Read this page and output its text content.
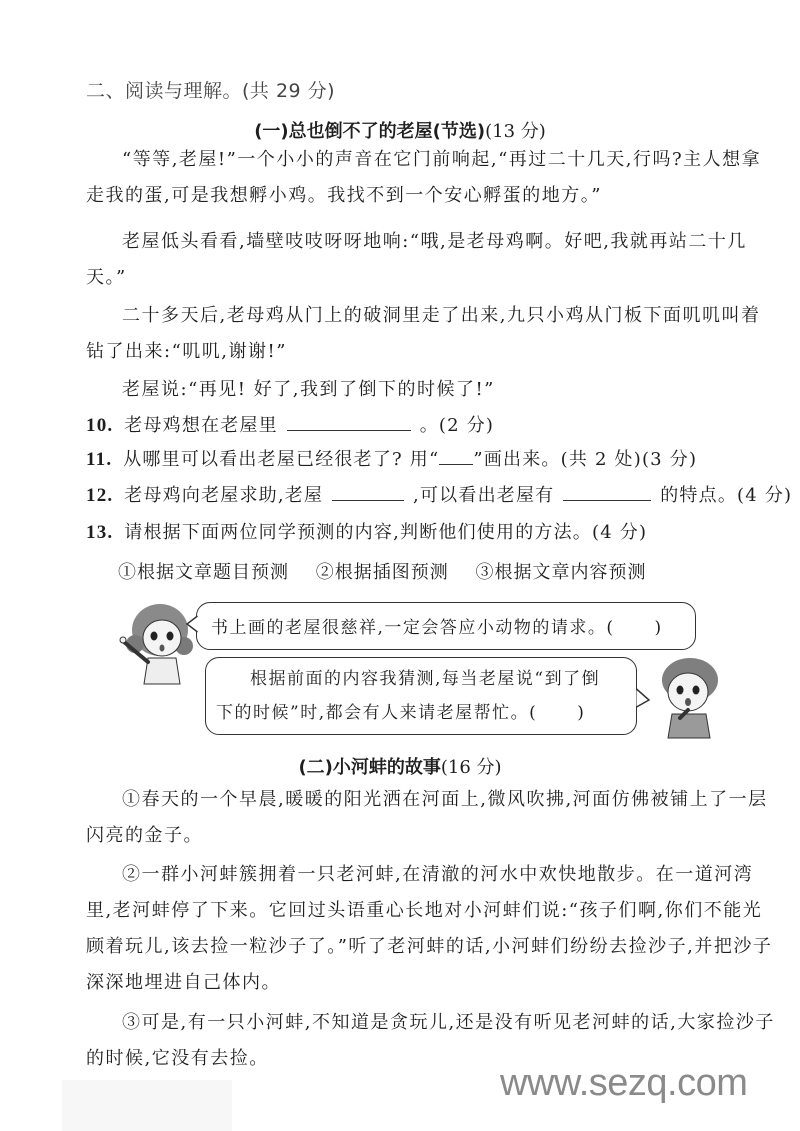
二、阅读与理解。(共 29 分)
(一)总也倒不了的老屋(节选)(13 分)

“等等,老屋!”一个小小的声音在它门前响起,“再过二十几天,行吗?主人想拿走我的蛋,可是我想孵小鸡。我找不到一个安心孵蛋的地方。”

老屋低头看看,墙壁吱吱呀呀地响:“哦,是老母鸡啊。好吧,我就再站二十几天。”

二十多天后,老母鸡从门上的破洞里走了出来,九只小鸡从门板下面叽叽叫着钻了出来:“叽叽,谢谢!”

老屋说:“再见! 好了,我到了倒下的时候了!”

10. 老母鸡想在老屋里	。(2 分)
11. 从哪里可以看出老屋已经很老了? 用“ ”画出来。(共 2 处)(3 分)
12. 老母鸡向老屋求助,老屋	,可以看出老屋有	的特点。(4 分)
13. 请根据下面两位同学预测的内容,判断他们使用的方法。(4 分)
①根据文章题目预测 ②根据插图预测 ③根据文章内容预测
书上画的老屋很慈祥,一定会答应小动物的请求。( )
根据前面的内容我猜测,每当老屋说“到了倒
下的时候”时,都会有人来请老屋帮忙。( )
(二)小河蚌的故事(16 分)

①春天的一个早晨,暖暖的阳光洒在河面上,微风吹拂,河面仿佛被铺上了一层闪亮的金子。

②一群小河蚌簇拥着一只老河蚌,在清澈的河水中欢快地散步。在一道河湾里,老河蚌停了下来。它回过头语重心长地对小河蚌们说:“孩子们啊,你们不能光顾着玩儿,该去捡一粒沙子了。”听了老河蚌的话,小河蚌们纷纷去捡沙子,并把沙子深深地埋进自己体内。

③可是,有一只小河蚌,不知道是贪玩儿,还是没有听见老河蚌的话,大家捡沙子的时候,它没有去捡。

www.sezq.com
